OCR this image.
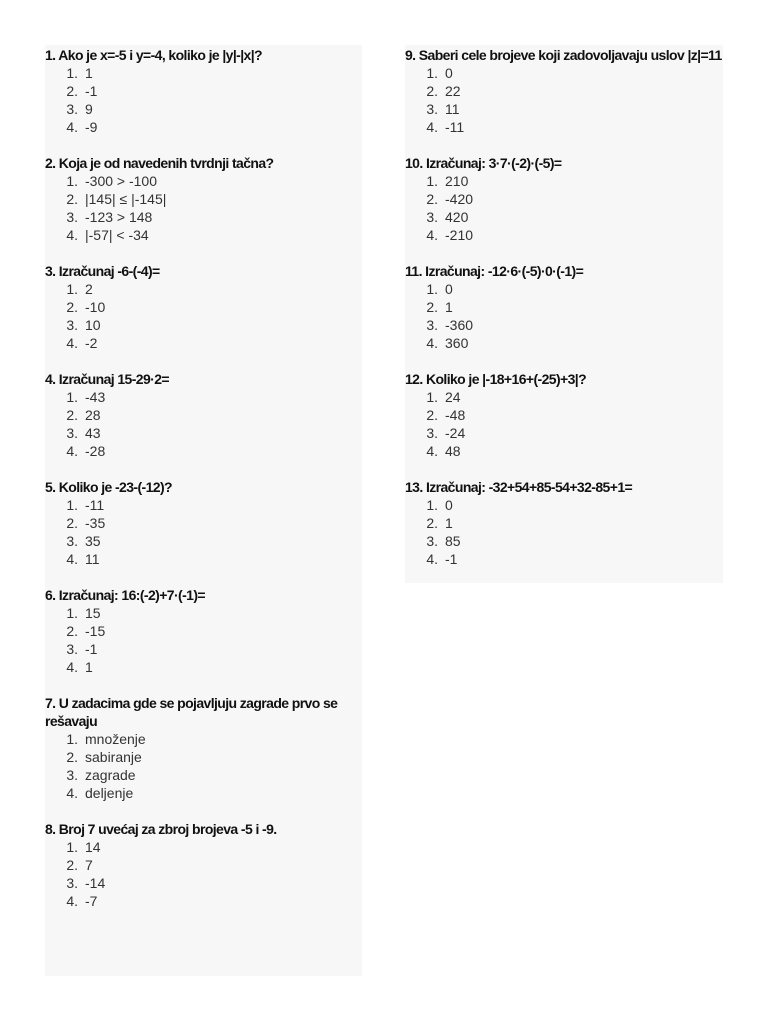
1. Ako je x=-5 i y=-4, koliko je |y|-|x|?
1. 1
2. -1
3. 9
4. -9
2. Koja je od navedenih tvrdnji tačna?
1. -300 > -100
2. |145| ≤ |-145|
3. -123 > 148
4. |-57| < -34
3. Izračunaj -6-(-4)=
1. 2
2. -10
3. 10
4. -2
4. Izračunaj 15-29·2=
1. -43
2. 28
3. 43
4. -28
5. Koliko je -23-(-12)?
1. -11
2. -35
3. 35
4. 11
6. Izračunaj: 16:(-2)+7·(-1)=
1. 15
2. -15
3. -1
4. 1
7. U zadacima gde se pojavljuju zagrade prvo se rešavaju
1. množenje
2. sabiranje
3. zagrade
4. deljenje
8. Broj 7 uvećaj za zbroj brojeva -5 i -9.
1. 14
2. 7
3. -14
4. -7
9. Saberi cele brojeve koji zadovoljavaju uslov |z|=11
1. 0
2. 22
3. 11
4. -11
10. Izračunaj: 3·7·(-2)·(-5)=
1. 210
2. -420
3. 420
4. -210
11. Izračunaj: -12·6·(-5)·0·(-1)=
1. 0
2. 1
3. -360
4. 360
12. Koliko je |-18+16+(-25)+3|?
1. 24
2. -48
3. -24
4. 48
13. Izračunaj: -32+54+85-54+32-85+1=
1. 0
2. 1
3. 85
4. -1
